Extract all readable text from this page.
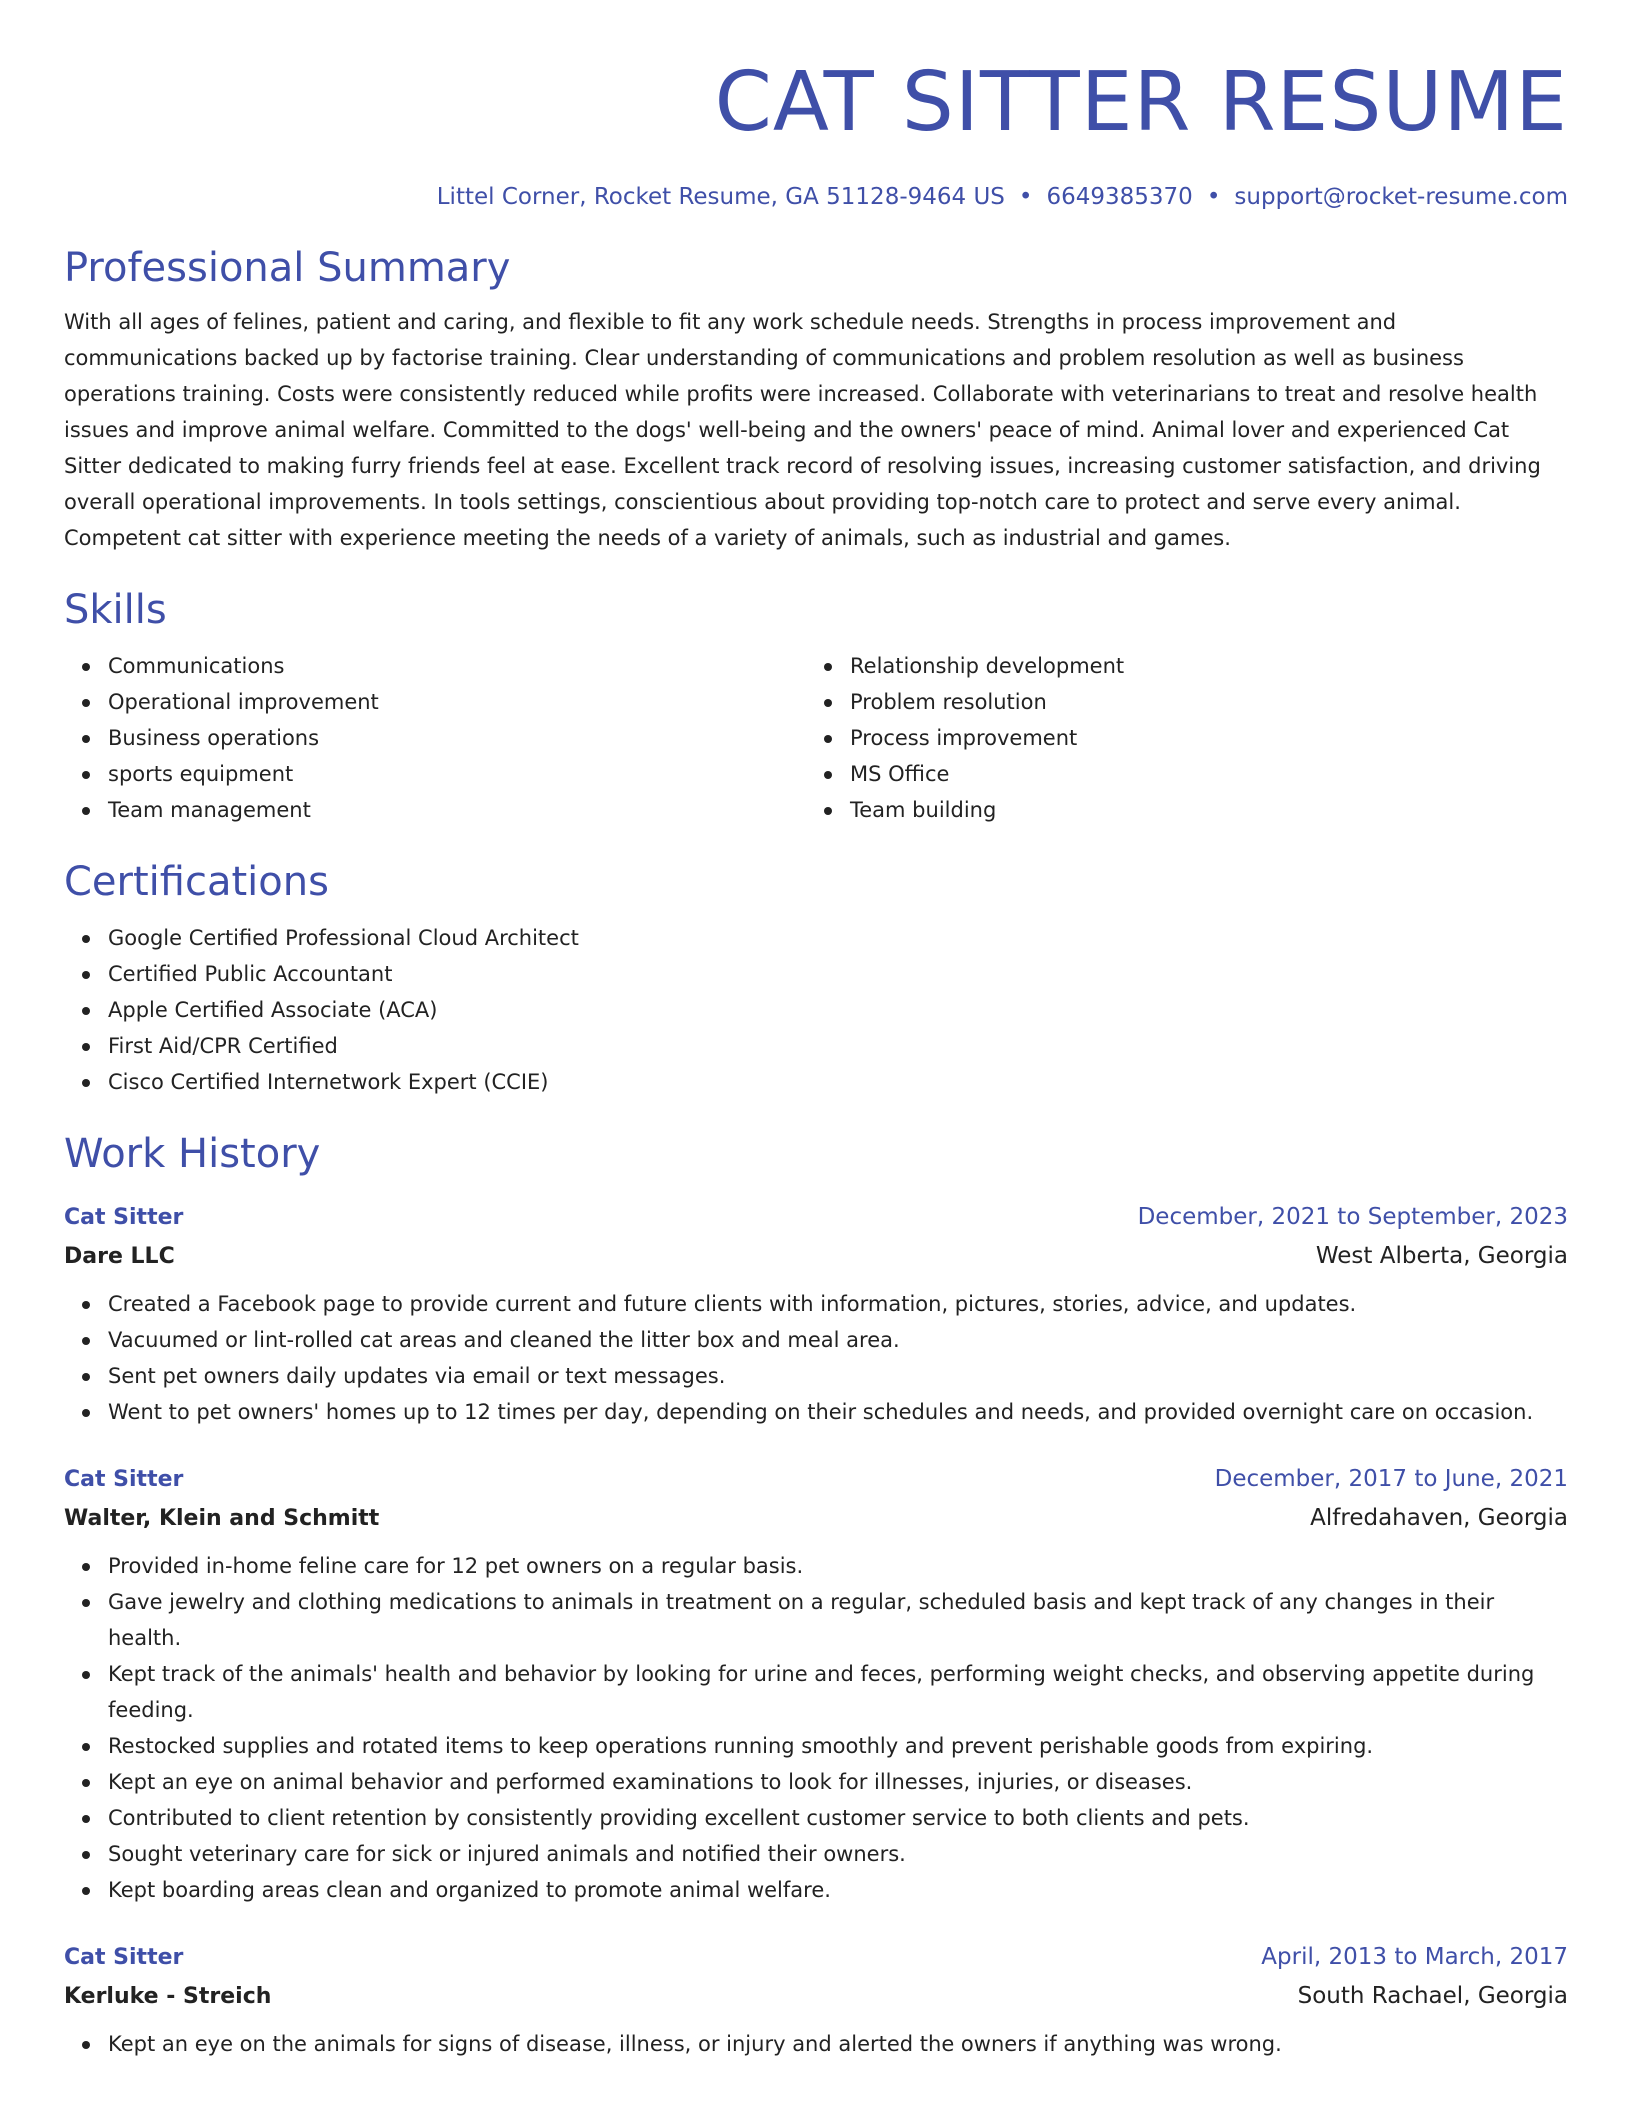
CAT SITTER RESUME
Littel Corner, Rocket Resume, GA 51128-9464 US • 6649385370 • support@rocket-resume.com
Professional Summary
With all ages of felines, patient and caring, and flexible to fit any work schedule needs. Strengths in process improvement and communications backed up by factorise training. Clear understanding of communications and problem resolution as well as business operations training. Costs were consistently reduced while profits were increased. Collaborate with veterinarians to treat and resolve health issues and improve animal welfare. Committed to the dogs' well-being and the owners' peace of mind. Animal lover and experienced Cat Sitter dedicated to making furry friends feel at ease. Excellent track record of resolving issues, increasing customer satisfaction, and driving overall operational improvements. In tools settings, conscientious about providing top-notch care to protect and serve every animal. Competent cat sitter with experience meeting the needs of a variety of animals, such as industrial and games.
Skills
Communications
Operational improvement
Business operations
sports equipment
Team management
Relationship development
Problem resolution
Process improvement
MS Office
Team building
Certifications
Google Certified Professional Cloud Architect
Certified Public Accountant
Apple Certified Associate (ACA)
First Aid/CPR Certified
Cisco Certified Internetwork Expert (CCIE)
Work History
Cat Sitter	December, 2021 to September, 2023
Dare LLC	West Alberta, Georgia
Created a Facebook page to provide current and future clients with information, pictures, stories, advice, and updates.
Vacuumed or lint-rolled cat areas and cleaned the litter box and meal area.
Sent pet owners daily updates via email or text messages.
Went to pet owners' homes up to 12 times per day, depending on their schedules and needs, and provided overnight care on occasion.
Cat Sitter	December, 2017 to June, 2021
Walter, Klein and Schmitt	Alfredahaven, Georgia
Provided in-home feline care for 12 pet owners on a regular basis.
Gave jewelry and clothing medications to animals in treatment on a regular, scheduled basis and kept track of any changes in their health.
Kept track of the animals' health and behavior by looking for urine and feces, performing weight checks, and observing appetite during feeding.
Restocked supplies and rotated items to keep operations running smoothly and prevent perishable goods from expiring.
Kept an eye on animal behavior and performed examinations to look for illnesses, injuries, or diseases.
Contributed to client retention by consistently providing excellent customer service to both clients and pets.
Sought veterinary care for sick or injured animals and notified their owners.
Kept boarding areas clean and organized to promote animal welfare.
Cat Sitter	April, 2013 to March, 2017
Kerluke - Streich	South Rachael, Georgia
Kept an eye on the animals for signs of disease, illness, or injury and alerted the owners if anything was wrong.
